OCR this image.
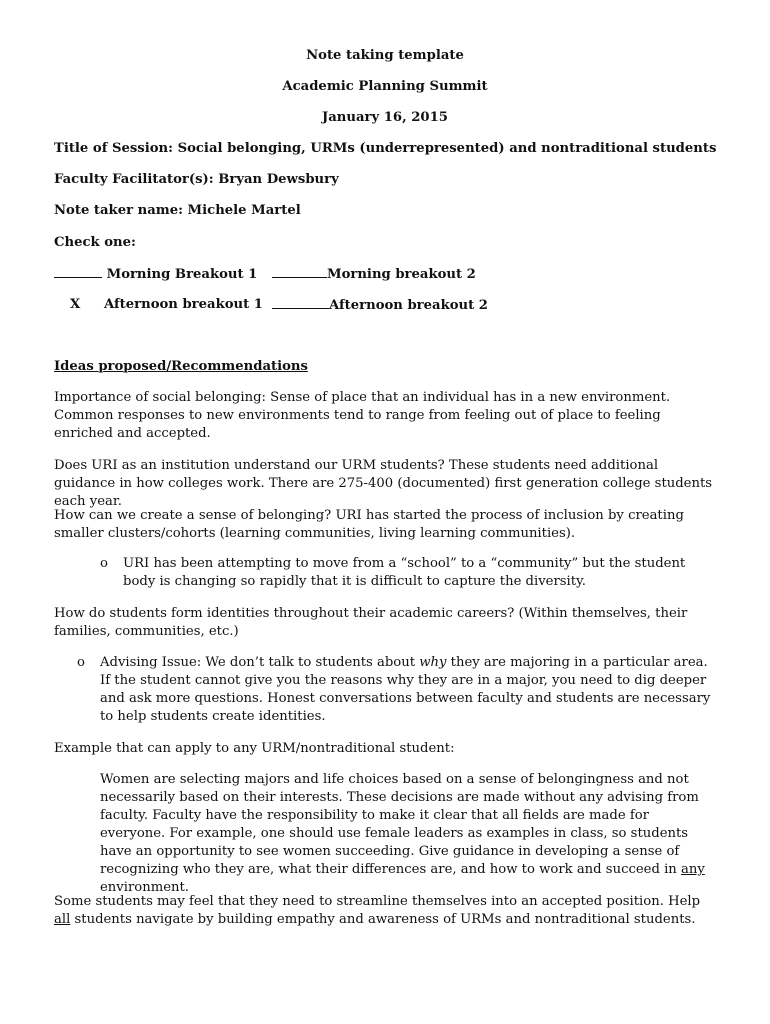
Note taking template
Academic Planning Summit
January 16, 2015
Title of Session: Social belonging, URMs (underrepresented) and nontraditional students
Faculty Facilitator(s): Bryan Dewsbury
Note taker name: Michele Martel
Check one:
Morning Breakout 1	Morning breakout 2
X Afternoon breakout 1	Afternoon breakout 2
Ideas proposed/Recommendations
Importance of social belonging: Sense of place that an individual has in a new environment. Common responses to new environments tend to range from feeling out of place to feeling enriched and accepted.
Does URI as an institution understand our URM students? These students need additional guidance in how colleges work. There are 275-400 (documented) first generation college students each year.
How can we create a sense of belonging? URI has started the process of inclusion by creating smaller clusters/cohorts (learning communities, living learning communities).
o URI has been attempting to move from a “school” to a “community” but the student body is changing so rapidly that it is difficult to capture the diversity.
How do students form identities throughout their academic careers? (Within themselves, their families, communities, etc.)
o Advising Issue: We don’t talk to students about why they are majoring in a particular area. If the student cannot give you the reasons why they are in a major, you need to dig deeper and ask more questions. Honest conversations between faculty and students are necessary to help students create identities.
Example that can apply to any URM/nontraditional student:
Women are selecting majors and life choices based on a sense of belongingness and not necessarily based on their interests. These decisions are made without any advising from faculty. Faculty have the responsibility to make it clear that all fields are made for everyone. For example, one should use female leaders as examples in class, so students have an opportunity to see women succeeding. Give guidance in developing a sense of recognizing who they are, what their differences are, and how to work and succeed in any environment.
Some students may feel that they need to streamline themselves into an accepted position. Help all students navigate by building empathy and awareness of URMs and nontraditional students.
